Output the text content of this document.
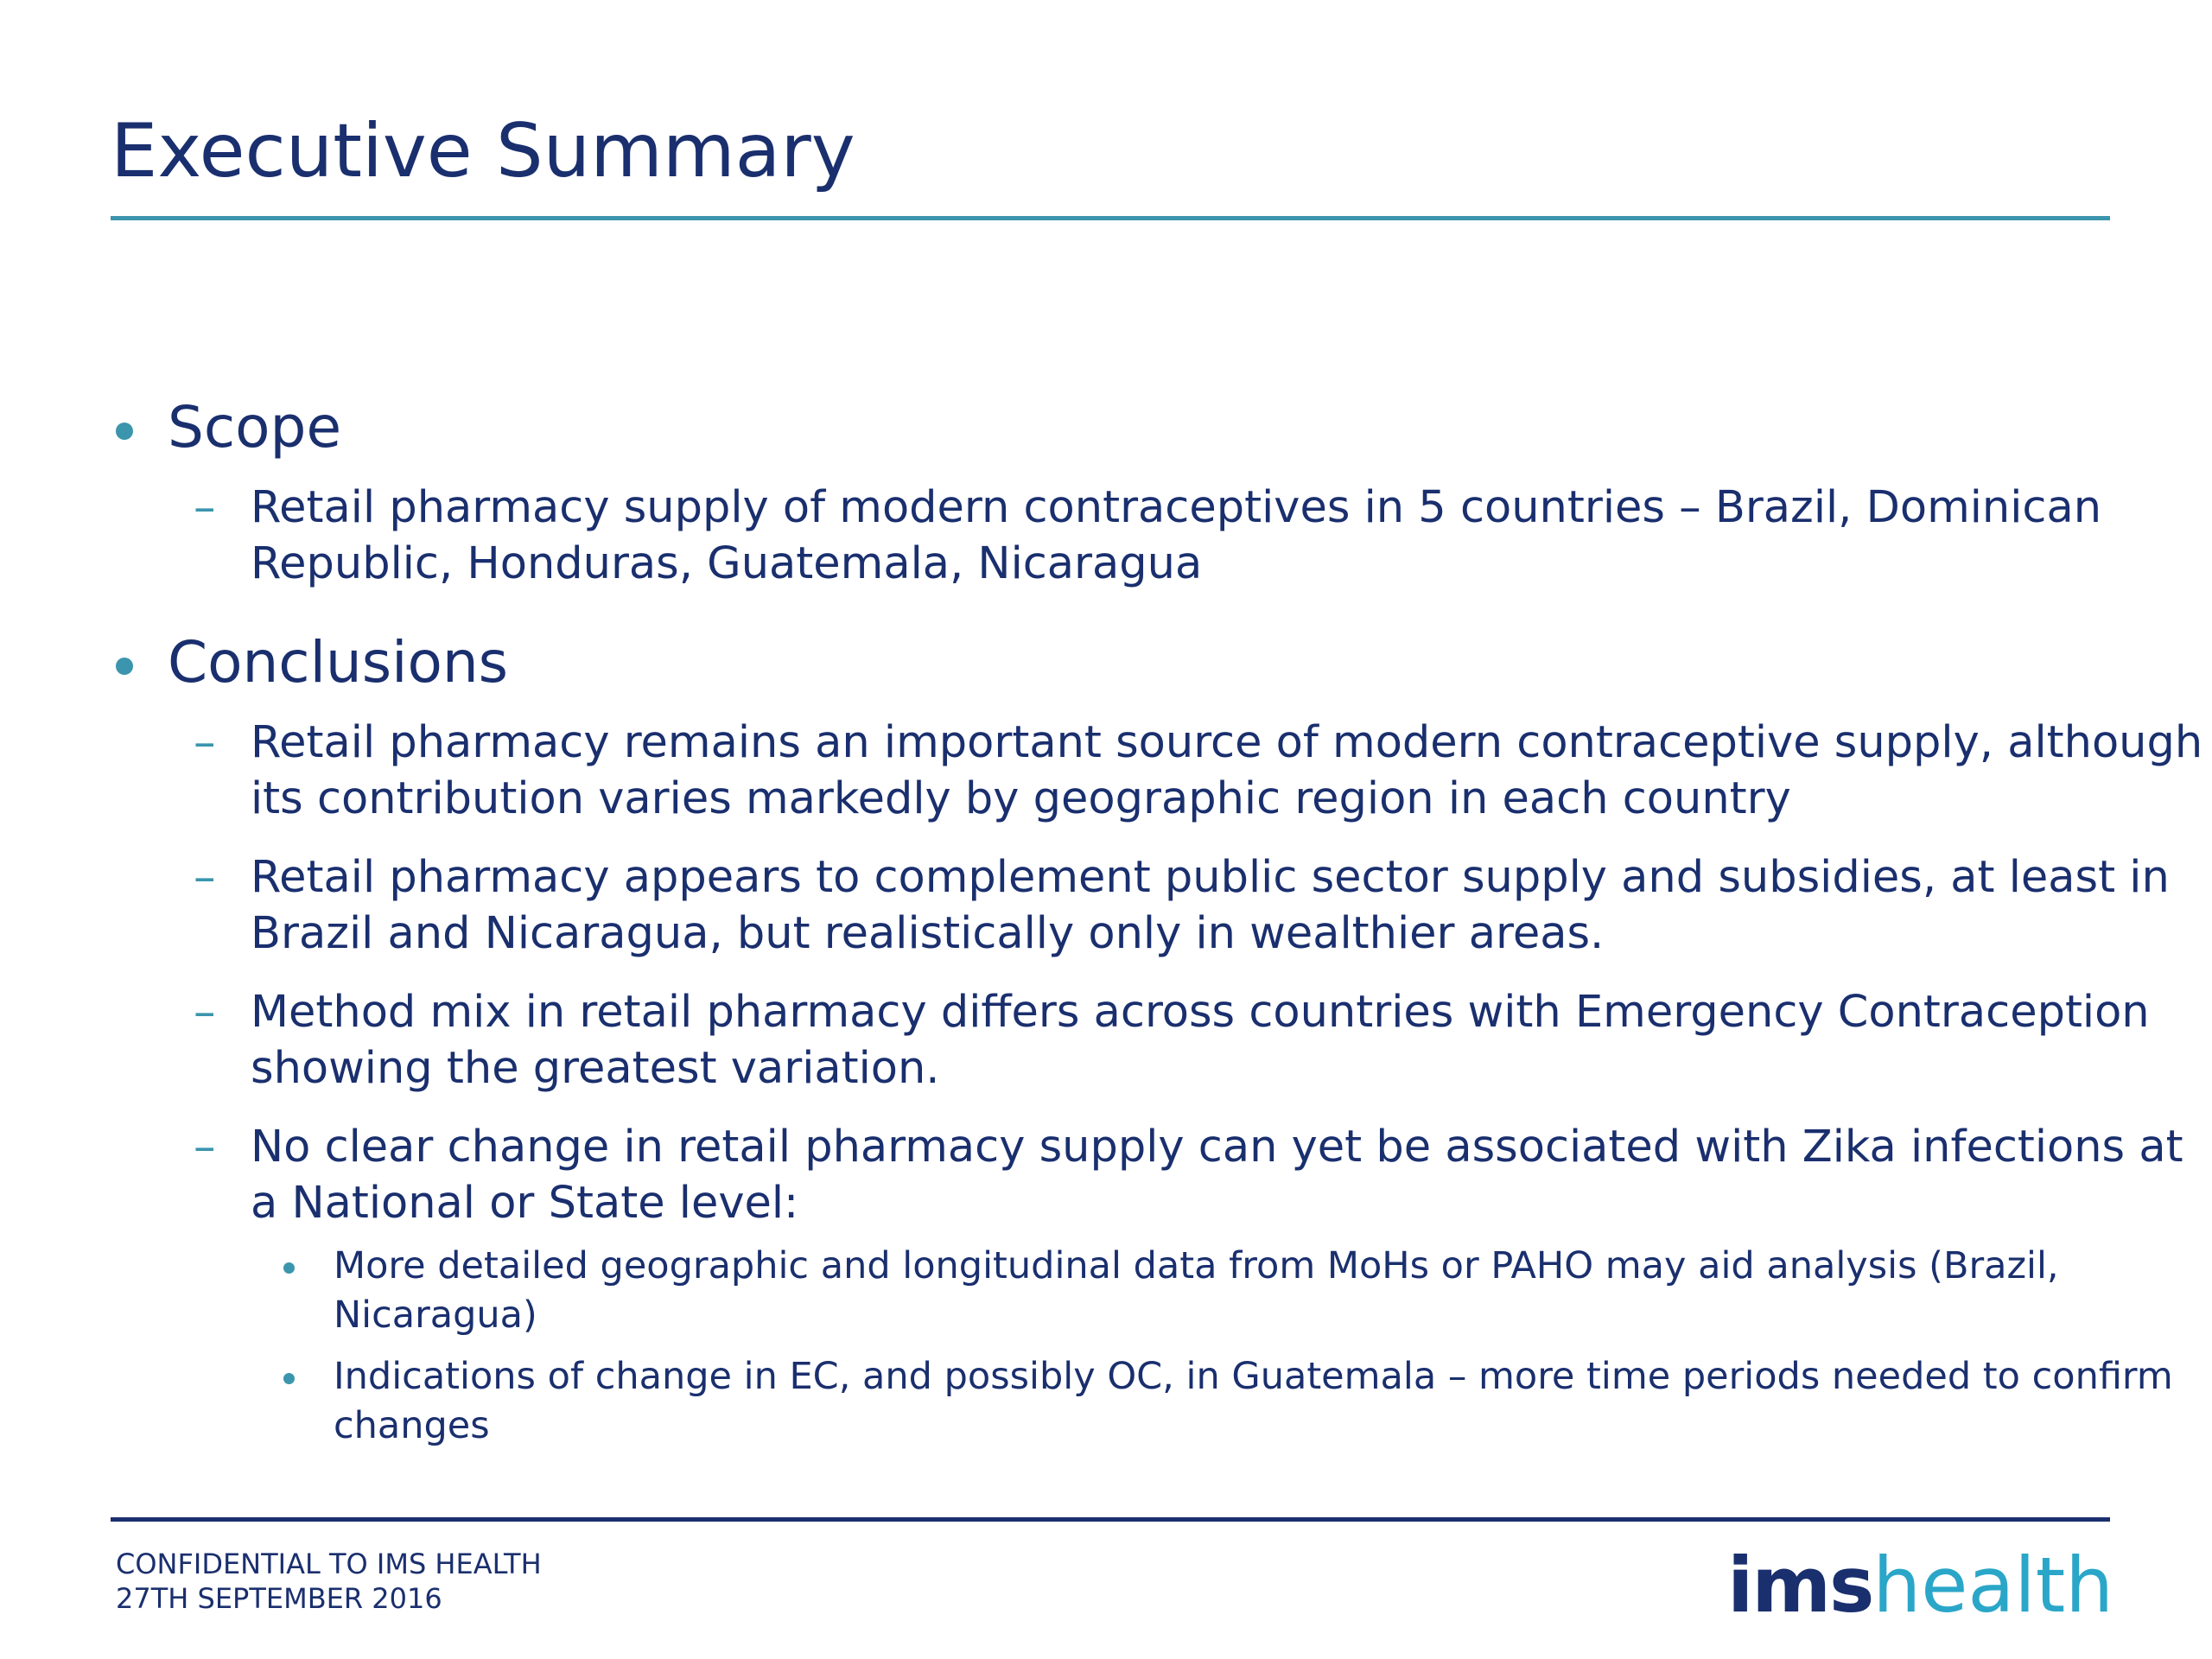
Executive Summary
Scope
– Retail pharmacy supply of modern contraceptives in 5 countries – Brazil, Dominican Republic, Honduras, Guatemala, Nicaragua
Conclusions
– Retail pharmacy remains an important source of modern contraceptive supply, although its contribution varies markedly by geographic region in each country
– Retail pharmacy appears to complement public sector supply and subsidies, at least in Brazil and Nicaragua, but realistically only in wealthier areas.
– Method mix in retail pharmacy differs across countries with Emergency Contraception showing the greatest variation.
– No clear change in retail pharmacy supply can yet be associated with Zika infections at a National or State level:
More detailed geographic and longitudinal data from MoHs or PAHO may aid analysis (Brazil, Nicaragua)
Indications of change in EC, and possibly OC, in Guatemala – more time periods needed to confirm changes
CONFIDENTIAL TO IMS HEALTH
27TH SEPTEMBER 2016	imshealth
